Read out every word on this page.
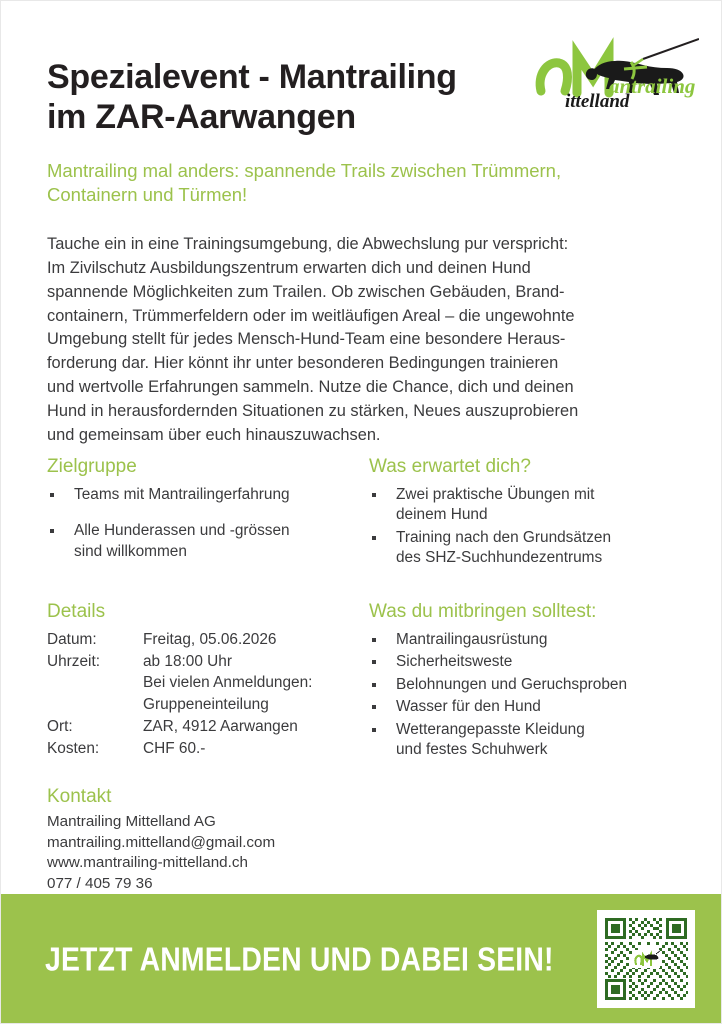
antrailing
ittelland
Spezialevent - Mantrailing
im ZAR-Aarwangen
Mantrailing mal anders: spannende Trails zwischen Trümmern,
Containern und Türmen!
Tauche ein in eine Trainingsumgebung, die Abwechslung pur verspricht:
Im Zivilschutz Ausbildungszentrum erwarten dich und deinen Hund
spannende Möglichkeiten zum Trailen. Ob zwischen Gebäuden, Brand-
containern, Trümmerfeldern oder im weitläufigen Areal – die ungewohnte
Umgebung stellt für jedes Mensch-Hund-Team eine besondere Heraus-
forderung dar. Hier könnt ihr unter besonderen Bedingungen trainieren
und wertvolle Erfahrungen sammeln. Nutze die Chance, dich und deinen
Hund in herausfordernden Situationen zu stärken, Neues auszuprobieren
und gemeinsam über euch hinauszuwachsen.
Zielgruppe
Teams mit Mantrailingerfahrung
Alle Hunderassen und -grössen
sind willkommen
Was erwartet dich?
Zwei praktische Übungen mit
deinem Hund
Training nach den Grundsätzen
des SHZ-Suchhundezentrums
Details
Datum:	Freitag, 05.06.2026
Uhrzeit:	ab 18:00 Uhr
	Bei vielen Anmeldungen:
	Gruppeneinteilung
Ort:	ZAR, 4912 Aarwangen
Kosten:	CHF 60.-
Was du mitbringen solltest:
Mantrailingausrüstung
Sicherheitsweste
Belohnungen und Geruchsproben
Wasser für den Hund
Wetterangepasste Kleidung
und festes Schuhwerk
Kontakt
Mantrailing Mittelland AG
mantrailing.mittelland@gmail.com
www.mantrailing-mittelland.ch
077 / 405 79 36
JETZT ANMELDEN UND DABEI SEIN!
